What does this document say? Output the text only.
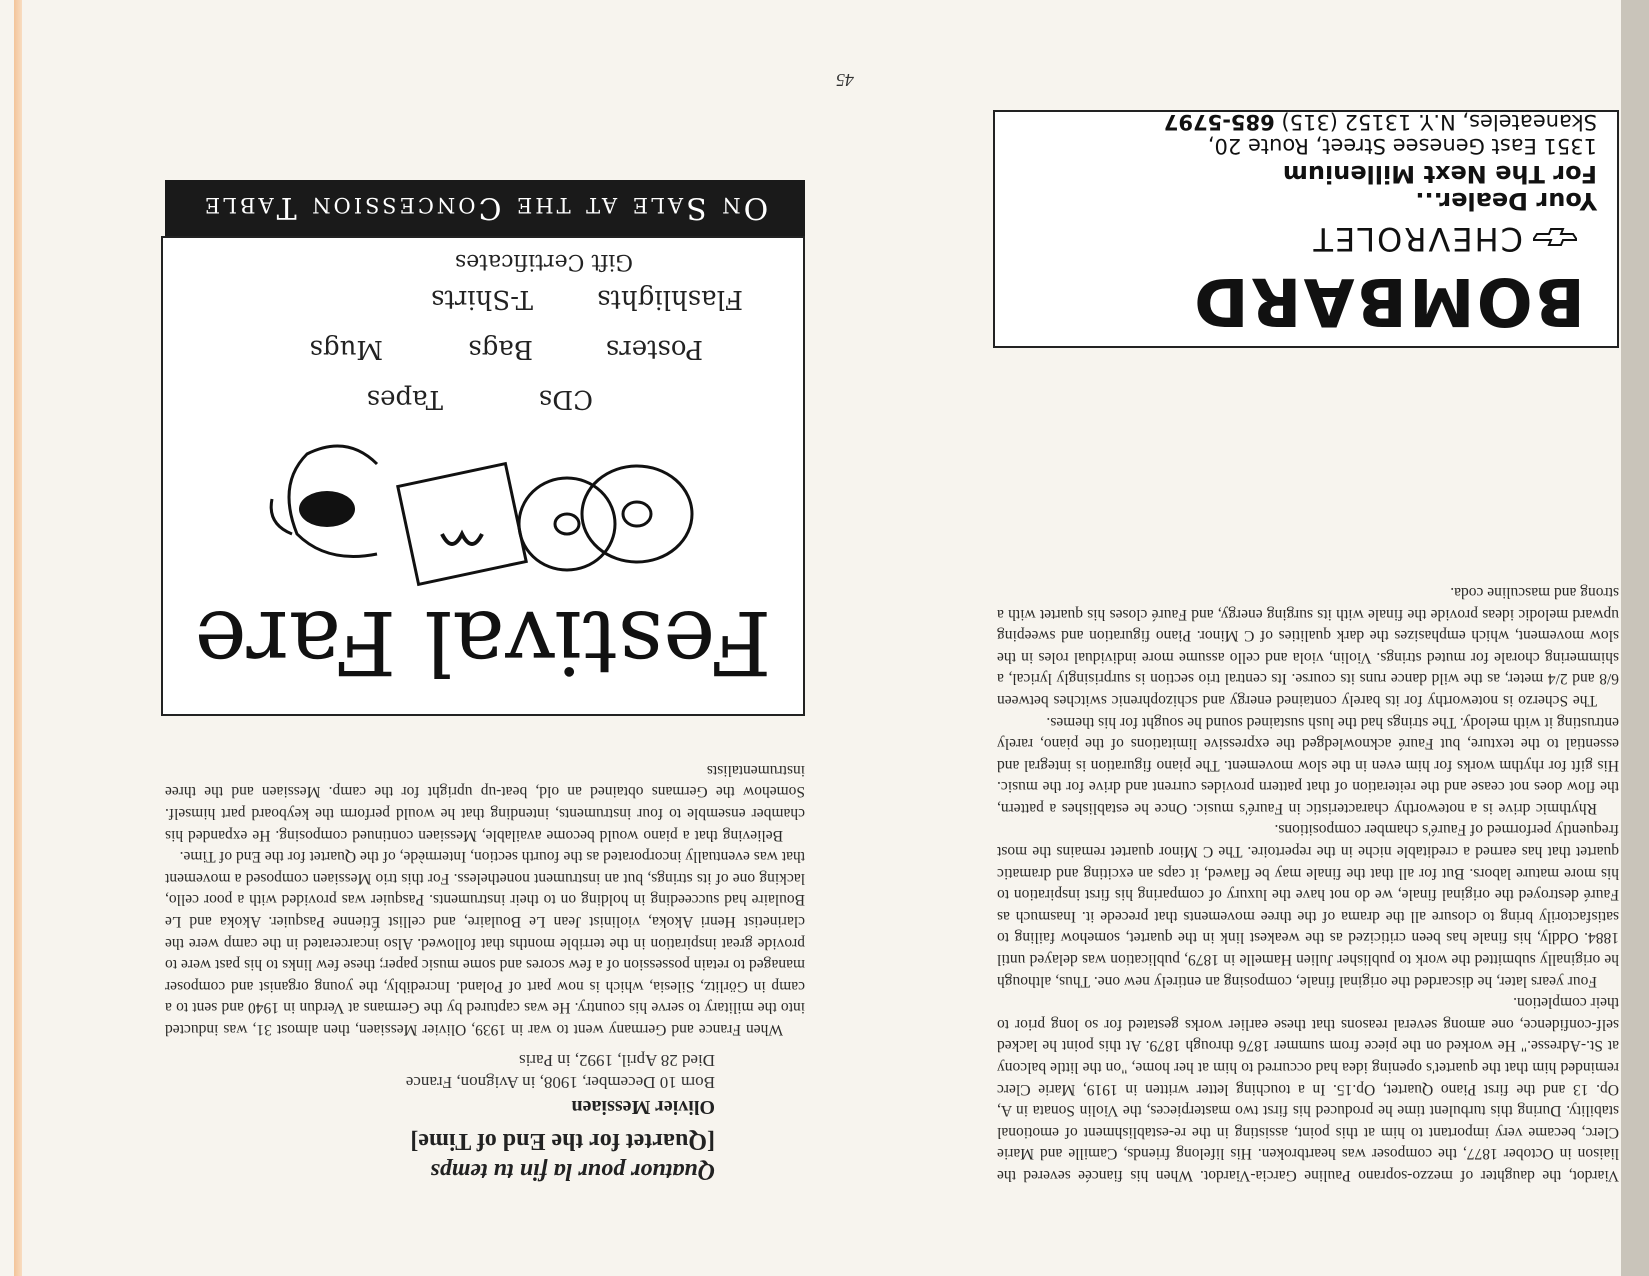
45
BOMBARD
CHEVROLET
Your Dealer...
For The Next Millenium
1351 East Genesee Street, Route 20,
Skaneateles, N.Y. 13152 (315) 685-5797

Viardot, the daughter of mezzo-soprano Pauline Garcia-Viardot. When his fiancée severed the liaison in October 1877, the composer was heartbroken. His lifelong friends, Camille and Marie Clerc, became very important to him at this point, assisting in the re-establishment of emotional stability. During this turbulent time he produced his first two masterpieces, the Violin Sonata in A, Op. 13 and the first Piano Quartet, Op.15. In a touching letter written in 1919, Marie Clerc reminded him that the quartet's opening idea had occurred to him at her home, "on the little balcony at St.-Adresse." He worked on the piece from summer 1876 through 1879. At this point he lacked self-confidence, one among several reasons that these earlier works gestated for so long prior to their completion.

Four years later, he discarded the original finale, composing an entirely new one. Thus, although he originally submitted the work to publisher Julien Hamelle in 1879, publication was delayed until 1884. Oddly, his finale has been criticized as the weakest link in the quartet, somehow failing to satisfactorily bring to closure all the drama of the three movements that precede it. Inasmuch as Fauré destroyed the original finale, we do not have the luxury of comparing his first inspiration to his more mature labors. But for all that the finale may be flawed, it caps an exciting and dramatic quartet that has earned a creditable niche in the repertoire. The C Minor quartet remains the most frequently performed of Fauré's chamber compositions.

Rhythmic drive is a noteworthy characteristic in Fauré's music. Once he establishes a pattern, the flow does not cease and the reiteration of that pattern provides current and drive for the music. His gift for rhythm works for him even in the slow movement. The piano figuration is integral and essential to the texture, but Fauré acknowledged the expressive limitations of the piano, rarely entrusting it with melody. The strings had the lush sustained sound he sought for his themes.

The Scherzo is noteworthy for its barely contained energy and schizophrenic switches between 6/8 and 2/4 meter, as the wild dance runs its course. Its central trio section is surprisingly lyrical, a shimmering chorale for muted strings. Violin, viola and cello assume more individual roles in the slow movement, which emphasizes the dark qualities of C Minor. Piano figuration and sweeping upward melodic ideas provide the finale with its surging energy, and Fauré closes his quartet with a strong and masculine coda.

Quatuor pour la fin tu temps
[Quartet for the End of Time]
Olivier Messiaen
Born 10 December, 1908, in Avignon, France
Died 28 April, 1992, in Paris

When France and Germany went to war in 1939, Olivier Messiaen, then almost 31, was inducted into the military to serve his country. He was captured by the Germans at Verdun in 1940 and sent to a camp in Görlitz, Silesia, which is now part of Poland. Incredibly, the young organist and composer managed to retain possession of a few scores and some music paper; these few links to his past were to provide great inspiration in the terrible months that followed. Also incarcerated in the camp were the clarinetist Henri Akoka, violinist Jean Le Boulaire, and cellist Étienne Pasquier. Akoka and Le Boulaire had succeeding in holding on to their instruments. Pasquier was provided with a poor cello, lacking one of its strings, but an instrument nonetheless. For this trio Messiaen composed a movement that was eventually incorporated as the fourth section, Intermède, of the Quartet for the End of Time.

Believing that a piano would become available, Messiaen continued composing. He expanded his chamber ensemble to four instruments, intending that he would perform the keyboard part himself. Somehow the Germans obtained an old, beat-up upright for the camp. Messiaen and the three instrumentalists

Festival Fare
CDs
Tapes
Posters
Bags
Mugs
Flashlights
T-Shirts
Gift Certificates
On Sale at the Concession Table
